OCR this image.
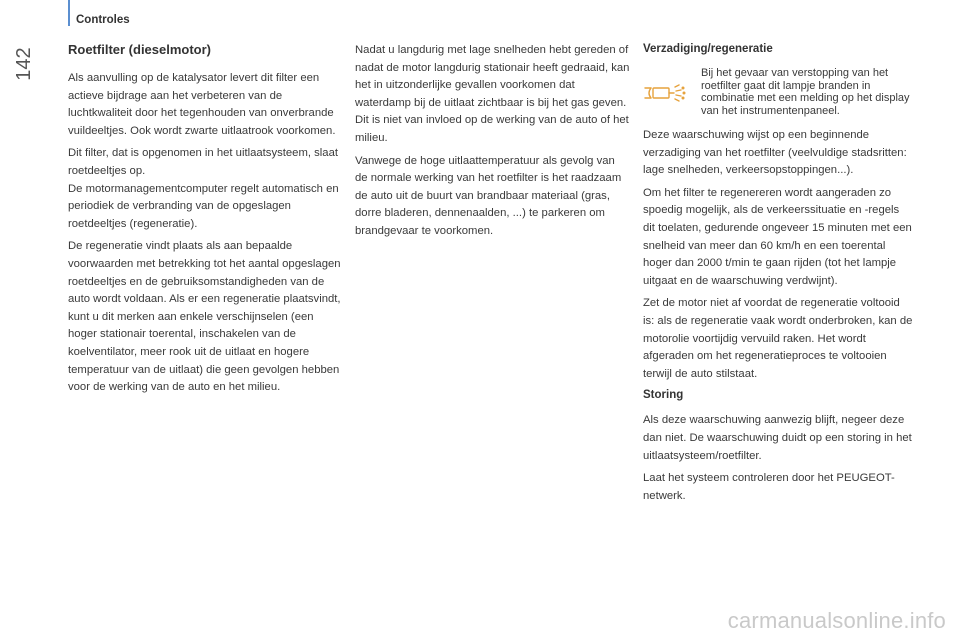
Controles
142	Roetfilter (dieselmotor)

Als aanvulling op de katalysator levert dit filter een actieve bijdrage aan het verbeteren van de luchtkwaliteit door het tegenhouden van onverbrande vuildeeltjes. Ook wordt zwarte uitlaatrook voorkomen.

Dit filter, dat is opgenomen in het uitlaatsysteem, slaat roetdeeltjes op.

De motormanagementcomputer regelt automatisch en periodiek de verbranding van de opgeslagen roetdeeltjes (regeneratie).

De regeneratie vindt plaats als aan bepaalde voorwaarden met betrekking tot het aantal opgeslagen roetdeeltjes en de gebruiksomstandigheden van de auto wordt voldaan. Als er een regeneratie plaatsvindt, kunt u dit merken aan enkele verschijnselen (een hoger stationair toerental, inschakelen van de koelventilator, meer rook uit de uitlaat en hogere temperatuur van de uitlaat) die geen gevolgen hebben voor de werking van de auto en het milieu.

Nadat u langdurig met lage snelheden hebt gereden of nadat de motor langdurig stationair heeft gedraaid, kan het in uitzonderlijke gevallen voorkomen dat waterdamp bij de uitlaat zichtbaar is bij het gas geven. Dit is niet van invloed op de werking van de auto of het milieu.

Vanwege de hoge uitlaattemperatuur als gevolg van de normale werking van het roetfilter is het raadzaam de auto uit de buurt van brandbaar materiaal (gras, dorre bladeren, dennenaalden, ...) te parkeren om brandgevaar te voorkomen.

Verzadiging/regeneratie
Bij het gevaar van verstopping van het roetfilter gaat dit lampje branden in combinatie met een melding op het display van het instrumentenpaneel.

Deze waarschuwing wijst op een beginnende verzadiging van het roetfilter (veelvuldige stadsritten: lage snelheden, verkeersopstoppingen...).

Om het filter te regenereren wordt aangeraden zo spoedig mogelijk, als de verkeerssituatie en -regels dit toelaten, gedurende ongeveer 15 minuten met een snelheid van meer dan 60 km/h en een toerental hoger dan 2000 t/min te gaan rijden (tot het lampje uitgaat en de waarschuwing verdwijnt).

Zet de motor niet af voordat de regeneratie voltooid is: als de regeneratie vaak wordt onderbroken, kan de motorolie voortijdig vervuild raken. Het wordt afgeraden om het regeneratieproces te voltooien terwijl de auto stilstaat.

Storing

Als deze waarschuwing aanwezig blijft, negeer deze dan niet. De waarschuwing duidt op een storing in het uitlaatsysteem/roetfilter.

Laat het systeem controleren door het PEUGEOT-netwerk.

carmanualsonline.info
